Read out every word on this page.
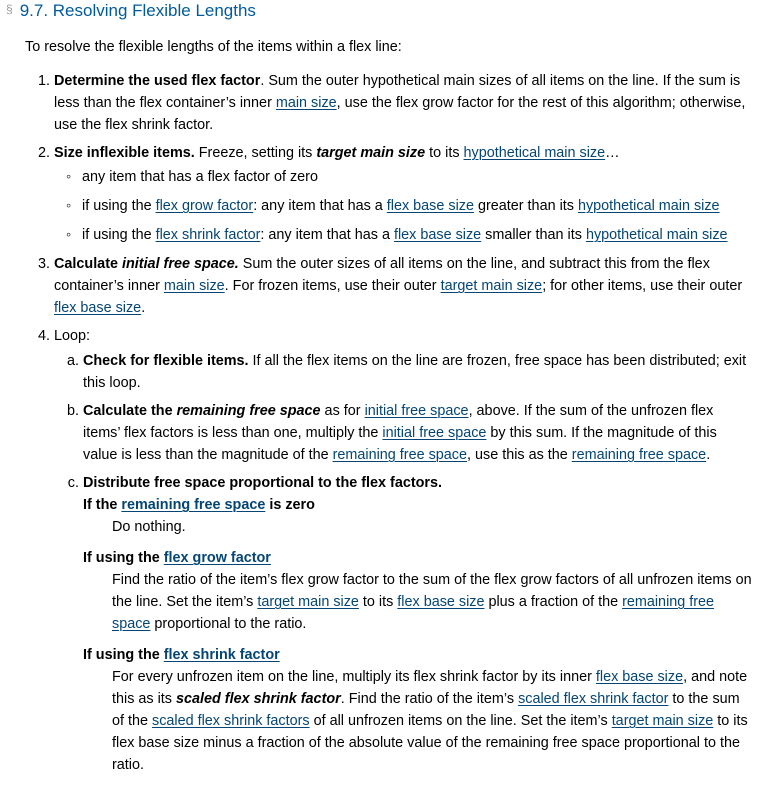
§ 9.7. Resolving Flexible Lengths

To resolve the flexible lengths of the items within a flex line:

1. Determine the used flex factor. Sum the outer hypothetical main sizes of all items on the line. If the sum is less than the flex container’s inner main size, use the flex grow factor for the rest of this algorithm; otherwise, use the flex shrink factor.
2. Size inflexible items. Freeze, setting its target main size to its hypothetical main size…
◦ any item that has a flex factor of zero
◦ if using the flex grow factor: any item that has a flex base size greater than its hypothetical main size
◦ if using the flex shrink factor: any item that has a flex base size smaller than its hypothetical main size
3. Calculate initial free space. Sum the outer sizes of all items on the line, and subtract this from the flex container’s inner main size. For frozen items, use their outer target main size; for other items, use their outer flex base size.
4. Loop:
a. Check for flexible items. If all the flex items on the line are frozen, free space has been distributed; exit this loop.
b. Calculate the remaining free space as for initial free space, above. If the sum of the unfrozen flex items’ flex factors is less than one, multiply the initial free space by this sum. If the magnitude of this value is less than the magnitude of the remaining free space, use this as the remaining free space.
c. Distribute free space proportional to the flex factors.
If the remaining free space is zero
Do nothing.
If using the flex grow factor
Find the ratio of the item’s flex grow factor to the sum of the flex grow factors of all unfrozen items on the line. Set the item’s target main size to its flex base size plus a fraction of the remaining free space proportional to the ratio.
If using the flex shrink factor
For every unfrozen item on the line, multiply its flex shrink factor by its inner flex base size, and note this as its scaled flex shrink factor. Find the ratio of the item’s scaled flex shrink factor to the sum of the scaled flex shrink factors of all unfrozen items on the line. Set the item’s target main size to its flex base size minus a fraction of the absolute value of the remaining free space proportional to the ratio.
